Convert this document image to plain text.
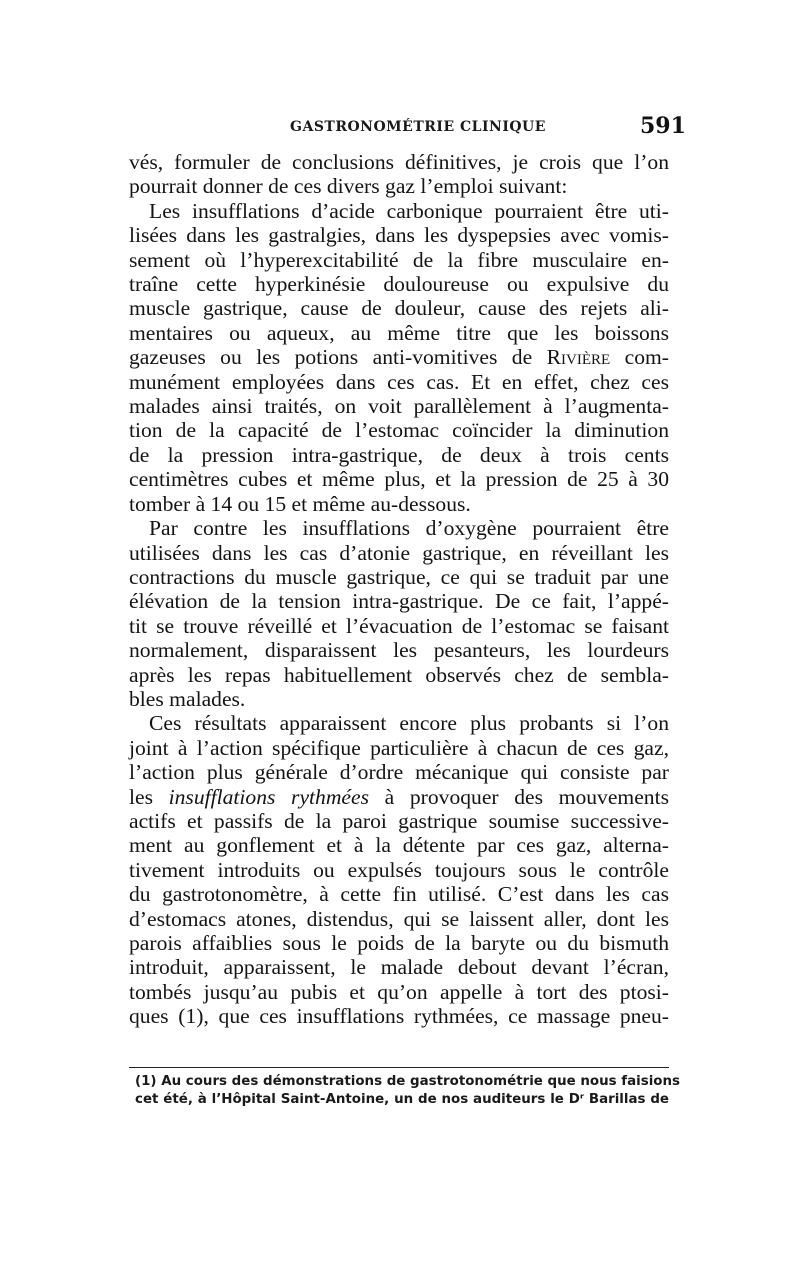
GASTRONOMÉTRIE CLINIQUE	591
vés, formuler de conclusions définitives, je crois que l’on
pourrait donner de ces divers gaz l’emploi suivant:
Les insufflations d’acide carbonique pourraient être uti-
lisées dans les gastralgies, dans les dyspepsies avec vomis-
sement où l’hyperexcitabilité de la fibre musculaire en-
traîne cette hyperkinésie douloureuse ou expulsive du
muscle gastrique, cause de douleur, cause des rejets ali-
mentaires ou aqueux, au même titre que les boissons
gazeuses ou les potions anti-vomitives de Rivière com-
munément employées dans ces cas. Et en effet, chez ces
malades ainsi traités, on voit parallèlement à l’augmenta-
tion de la capacité de l’estomac coïncider la diminution
de la pression intra-gastrique, de deux à trois cents
centimètres cubes et même plus, et la pression de 25 à 30
tomber à 14 ou 15 et même au-dessous.
Par contre les insufflations d’oxygène pourraient être
utilisées dans les cas d’atonie gastrique, en réveillant les
contractions du muscle gastrique, ce qui se traduit par une
élévation de la tension intra-gastrique. De ce fait, l’appé-
tit se trouve réveillé et l’évacuation de l’estomac se faisant
normalement, disparaissent les pesanteurs, les lourdeurs
après les repas habituellement observés chez de sembla-
bles malades.
Ces résultats apparaissent encore plus probants si l’on
joint à l’action spécifique particulière à chacun de ces gaz,
l’action plus générale d’ordre mécanique qui consiste par
les insufflations rythmées à provoquer des mouvements
actifs et passifs de la paroi gastrique soumise successive-
ment au gonflement et à la détente par ces gaz, alterna-
tivement introduits ou expulsés toujours sous le contrôle
du gastrotonomètre, à cette fin utilisé. C’est dans les cas
d’estomacs atones, distendus, qui se laissent aller, dont les
parois affaiblies sous le poids de la baryte ou du bismuth
introduit, apparaissent, le malade debout devant l’écran,
tombés jusqu’au pubis et qu’on appelle à tort des ptosi-
ques (1), que ces insufflations rythmées, ce massage pneu-
(1) Au cours des démonstrations de gastrotonométrie que nous faisions
cet été, à l’Hôpital Saint-Antoine, un de nos auditeurs le Dʳ Barillas de
